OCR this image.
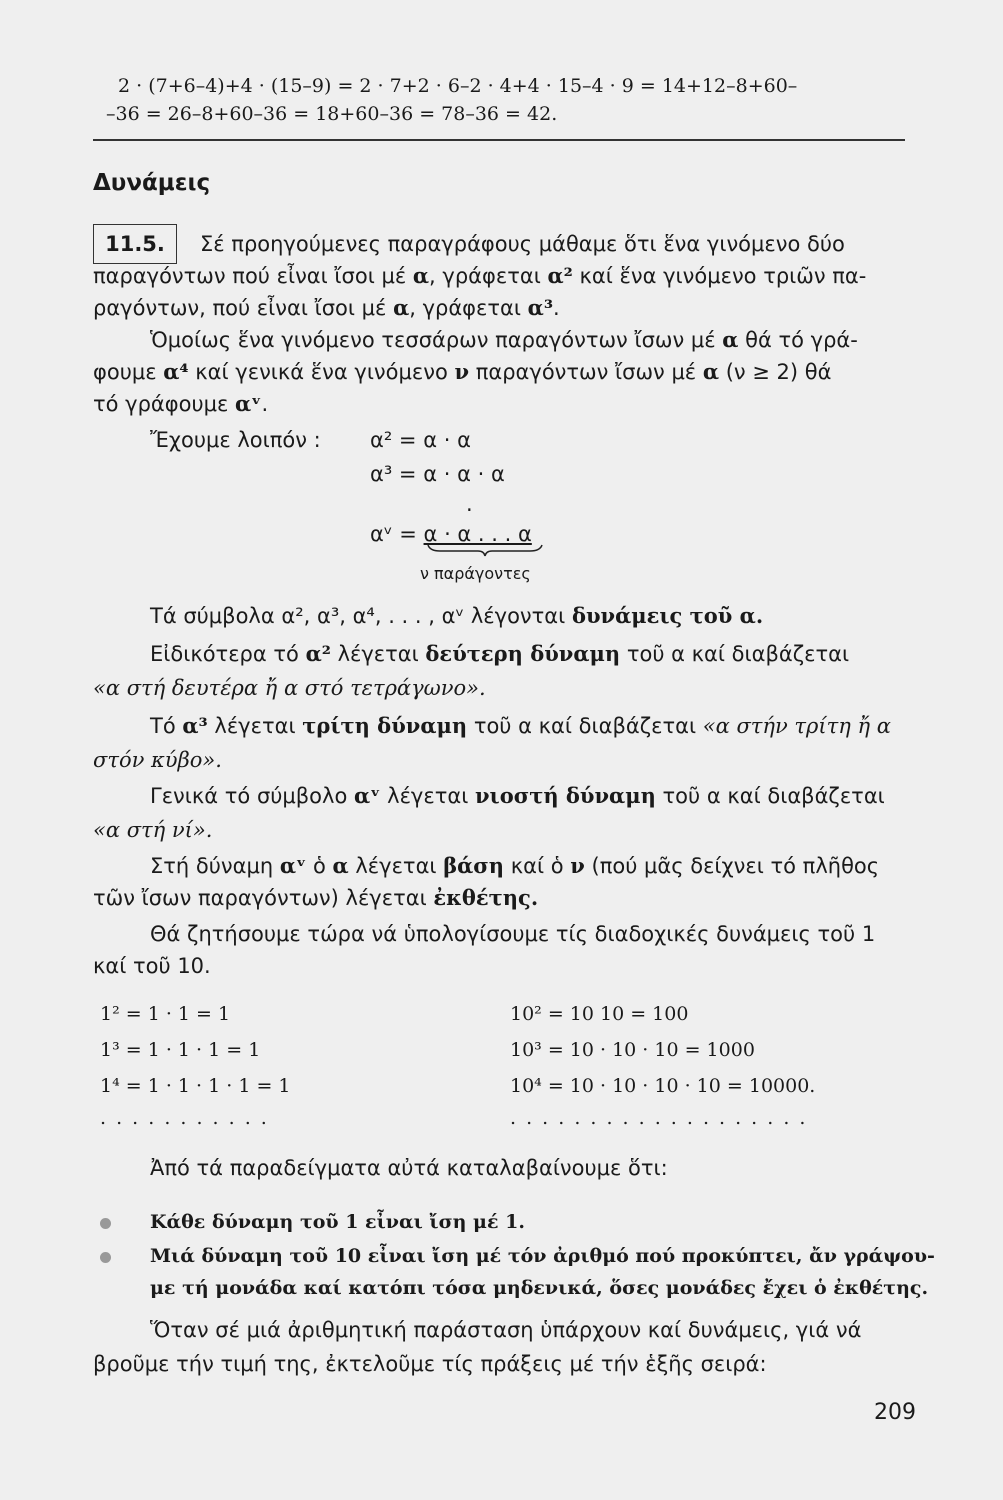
2 · (7+6–4)+4 · (15–9) = 2 · 7+2 · 6–2 · 4+4 · 15–4 · 9 = 14+12–8+60–
–36 = 26–8+60–36 = 18+60–36 = 78–36 = 42.
Δυνάμεις
11.5.	Σέ προηγούμενες παραγράφους μάθαμε ὅτι ἕνα γινόμενο δύο
παραγόντων πού εἶναι ἴσοι μέ α, γράφεται α² καί ἕνα γινόμενο τριῶν πα-
ραγόντων, πού εἶναι ἴσοι μέ α, γράφεται α³.
Ὁμοίως ἕνα γινόμενο τεσσάρων παραγόντων ἴσων μέ α θά τό γρά-
φουμε α⁴ καί γενικά ἕνα γινόμενο ν παραγόντων ἴσων μέ α (ν ≥ 2) θά
τό γράφουμε αᵛ.
Ἔχουμε λοιπόν : α² = α · α
α³ = α · α · α
.
αᵛ = α · α . . . α
ν παράγοντες
Τά σύμβολα α², α³, α⁴, . . . , αᵛ λέγονται δυνάμεις τοῦ α.
Εἰδικότερα τό α² λέγεται δεύτερη δύναμη τοῦ α καί διαβάζεται
«α στή δευτέρα ἤ α στό τετράγωνο».
Τό α³ λέγεται τρίτη δύναμη τοῦ α καί διαβάζεται «α στήν τρίτη ἤ α
στόν κύβο».
Γενικά τό σύμβολο αᵛ λέγεται νιοστή δύναμη τοῦ α καί διαβάζεται
«α στή νί».
Στή δύναμη αᵛ ὁ α λέγεται βάση καί ὁ ν (πού μᾶς δείχνει τό πλῆθος
τῶν ἴσων παραγόντων) λέγεται ἐκθέτης.
Θά ζητήσουμε τώρα νά ὑπολογίσουμε τίς διαδοχικές δυνάμεις τοῦ 1
καί τοῦ 10.
1² = 1 · 1 = 1
1³ = 1 · 1 · 1 = 1
1⁴ = 1 · 1 · 1 · 1 = 1
. . . . . . . . . . .
10² = 10 10 = 100
10³ = 10 · 10 · 10 = 1000
10⁴ = 10 · 10 · 10 · 10 = 10000.
. . . . . . . . . . . . . . . . . . .
Ἀπό τά παραδείγματα αὐτά καταλαβαίνουμε ὅτι:
Κάθε δύναμη τοῦ 1 εἶναι ἴση μέ 1.
Μιά δύναμη τοῦ 10 εἶναι ἴση μέ τόν ἀριθμό πού προκύπτει, ἄν γράψου-
με τή μονάδα καί κατόπι τόσα μηδενικά, ὅσες μονάδες ἔχει ὁ ἐκθέτης.
Ὅταν σέ μιά ἀριθμητική παράσταση ὑπάρχουν καί δυνάμεις, γιά νά
βροῦμε τήν τιμή της, ἐκτελοῦμε τίς πράξεις μέ τήν ἑξῆς σειρά:
209
